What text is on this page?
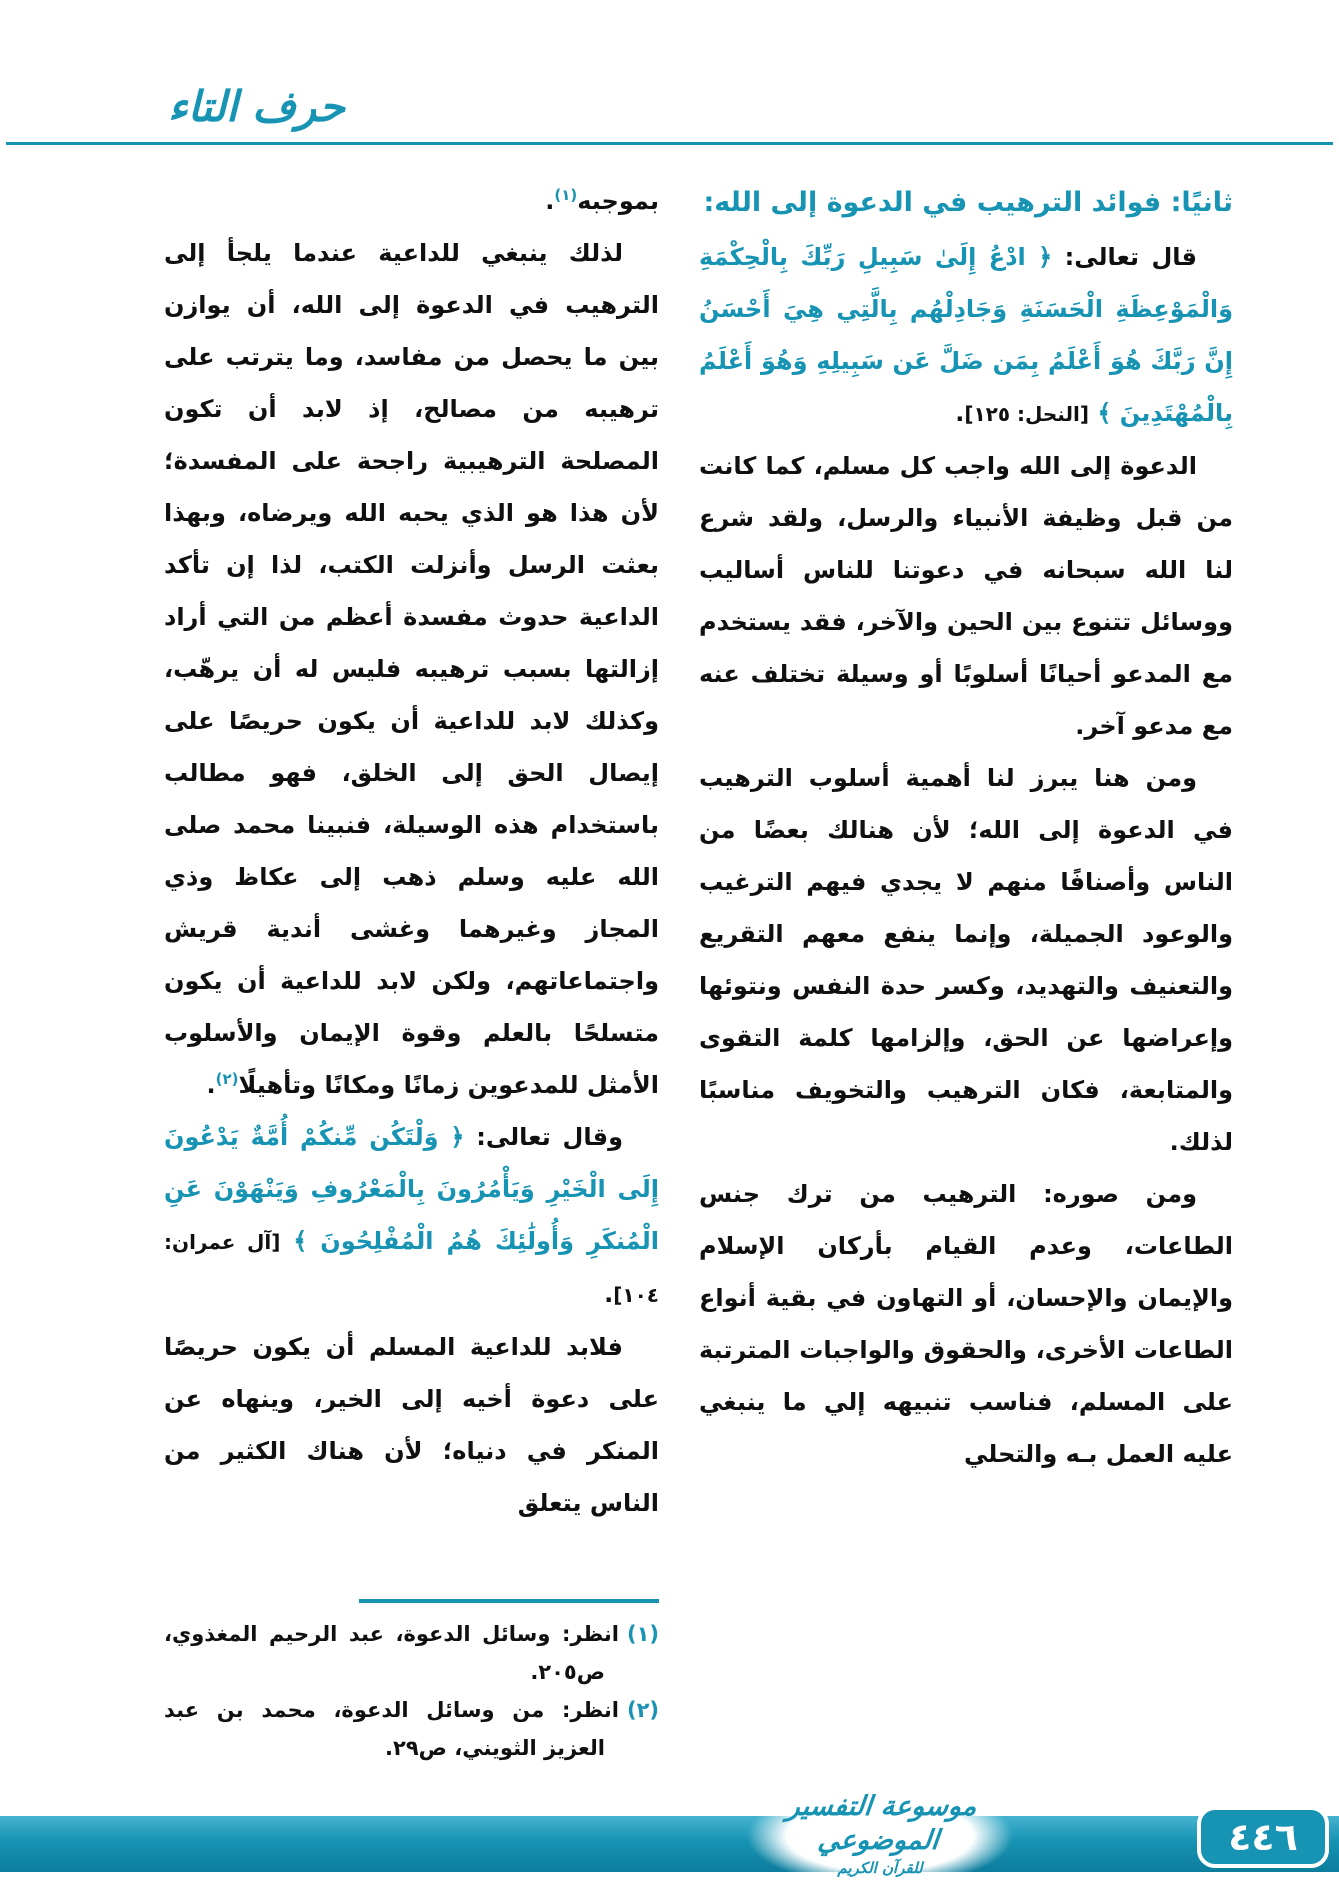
حرف التاء

ثانيًا: فوائد الترهيب في الدعوة إلى الله:

قال تعالى: ﴿ ادْعُ إِلَىٰ سَبِيلِ رَبِّكَ بِالْحِكْمَةِ وَالْمَوْعِظَةِ الْحَسَنَةِ وَجَادِلْهُم بِالَّتِي هِيَ أَحْسَنُ إِنَّ رَبَّكَ هُوَ أَعْلَمُ بِمَن ضَلَّ عَن سَبِيلِهِ وَهُوَ أَعْلَمُ بِالْمُهْتَدِينَ ﴾ [النحل: ١٢٥].

الدعوة إلى الله واجب كل مسلم، كما كانت من قبل وظيفة الأنبياء والرسل، ولقد شرع لنا الله سبحانه في دعوتنا للناس أساليب ووسائل تتنوع بين الحين والآخر، فقد يستخدم مع المدعو أحيانًا أسلوبًا أو وسيلة تختلف عنه مع مدعو آخر.

ومن هنا يبرز لنا أهمية أسلوب الترهيب في الدعوة إلى الله؛ لأن هنالك بعضًا من الناس وأصنافًا منهم لا يجدي فيهم الترغيب والوعود الجميلة، وإنما ينفع معهم التقريع والتعنيف والتهديد، وكسر حدة النفس ونتوئها وإعراضها عن الحق، وإلزامها كلمة التقوى والمتابعة، فكان الترهيب والتخويف مناسبًا لذلك.

ومن صوره: الترهيب من ترك جنس الطاعات، وعدم القيام بأركان الإسلام والإيمان والإحسان، أو التهاون في بقية أنواع الطاعات الأخرى، والحقوق والواجبات المترتبة على المسلم، فناسب تنبيهه إلي ما ينبغي عليه العمل بـه والتحلي

بموجبه$^{(١)}$.

لذلك ينبغي للداعية عندما يلجأ إلى الترهيب في الدعوة إلى الله، أن يوازن بين ما يحصل من مفاسد، وما يترتب على ترهيبه من مصالح، إذ لابد أن تكون المصلحة الترهيبية راجحة على المفسدة؛ لأن هذا هو الذي يحبه الله ويرضاه، وبهذا بعثت الرسل وأنزلت الكتب، لذا إن تأكد الداعية حدوث مفسدة أعظم من التي أراد إزالتها بسبب ترهيبه فليس له أن يرهّب، وكذلك لابد للداعية أن يكون حريصًا على إيصال الحق إلى الخلق، فهو مطالب باستخدام هذه الوسيلة، فنبينا محمد صلى الله عليه وسلم ذهب إلى عكاظ وذي المجاز وغيرهما وغشى أندية قريش واجتماعاتهم، ولكن لابد للداعية أن يكون متسلحًا بالعلم وقوة الإيمان والأسلوب الأمثل للمدعوين زمانًا ومكانًا وتأهيلًا$^{(٢)}$.

وقال تعالى: ﴿ وَلْتَكُن مِّنكُمْ أُمَّةٌ يَدْعُونَ إِلَى الْخَيْرِ وَيَأْمُرُونَ بِالْمَعْرُوفِ وَيَنْهَوْنَ عَنِ الْمُنكَرِ وَأُولَٰئِكَ هُمُ الْمُفْلِحُونَ ﴾ [آل عمران: ١٠٤].

فلابد للداعية المسلم أن يكون حريصًا على دعوة أخيه إلى الخير، وينهاه عن المنكر في دنياه؛ لأن هناك الكثير من الناس يتعلق

(١)انظر: وسائل الدعوة، عبد الرحيم المغذوي، ص٢٠٥.
(٢)انظر: من وسائل الدعوة، محمد بن عبد العزيز الثويني، ص٢٩.
موسوعة التفسير الموضوعي
للقرآن الكريم
٤٤٦
